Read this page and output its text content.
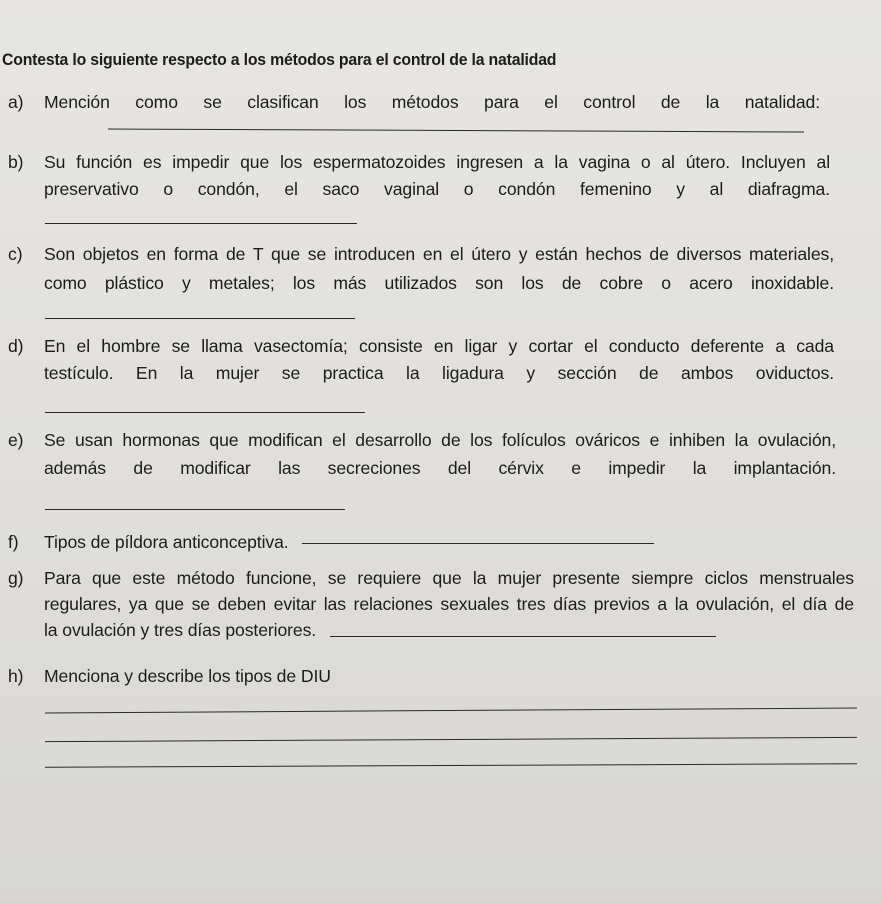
Contesta lo siguiente respecto a los métodos para el control de la natalidad
a) Mención como se clasifican los métodos para el control de la natalidad:
b) Su función es impedir que los espermatozoides ingresen a la vagina o al útero. Incluyen al
preservativo o condón, el saco vaginal o condón femenino y al diafragma.
c) Son objetos en forma de T que se introducen en el útero y están hechos de diversos materiales,
como plástico y metales; los más utilizados son los de cobre o acero inoxidable.
d) En el hombre se llama vasectomía; consiste en ligar y cortar el conducto deferente a cada
testículo. En la mujer se practica la ligadura y sección de ambos oviductos.
e) Se usan hormonas que modifican el desarrollo de los folículos ováricos e inhiben la ovulación,
además de modificar las secreciones del cérvix e impedir la implantación.
f) Tipos de píldora anticonceptiva.
g) Para que este método funcione, se requiere que la mujer presente siempre ciclos menstruales
regulares, ya que se deben evitar las relaciones sexuales tres días previos a la ovulación, el día de
la ovulación y tres días posteriores.
h) Menciona y describe los tipos de DIU
